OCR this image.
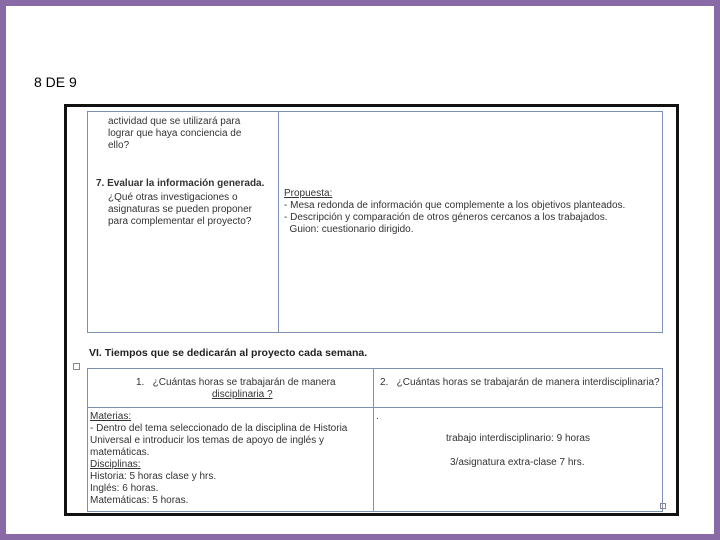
8 DE 9
actividad que se utilizará para
lograr que haya conciencia de
ello?
7. Evaluar la información generada.
¿Qué otras investigaciones o
asignaturas se pueden proponer
para complementar el proyecto?
Propuesta:
- Mesa redonda de información que complemente a los objetivos planteados.
- Descripción y comparación de otros géneros cercanos a los trabajados.
Guion: cuestionario dirigido.
VI. Tiempos que se dedicarán al proyecto cada semana.
1.   ¿Cuántas horas se trabajarán de manera
disciplinaria ?
2.   ¿Cuántas horas se trabajarán de manera interdisciplinaria?
Materias:
- Dentro del tema seleccionado de la disciplina de Historia
Universal e introducir los temas de apoyo de inglés y
matemáticas.
Disciplinas:
Historia: 5 horas clase y hrs.
Inglés: 6 horas.
Matemáticas: 5 horas.
.
trabajo interdisciplinario: 9 horas
3/asignatura extra-clase 7 hrs.
